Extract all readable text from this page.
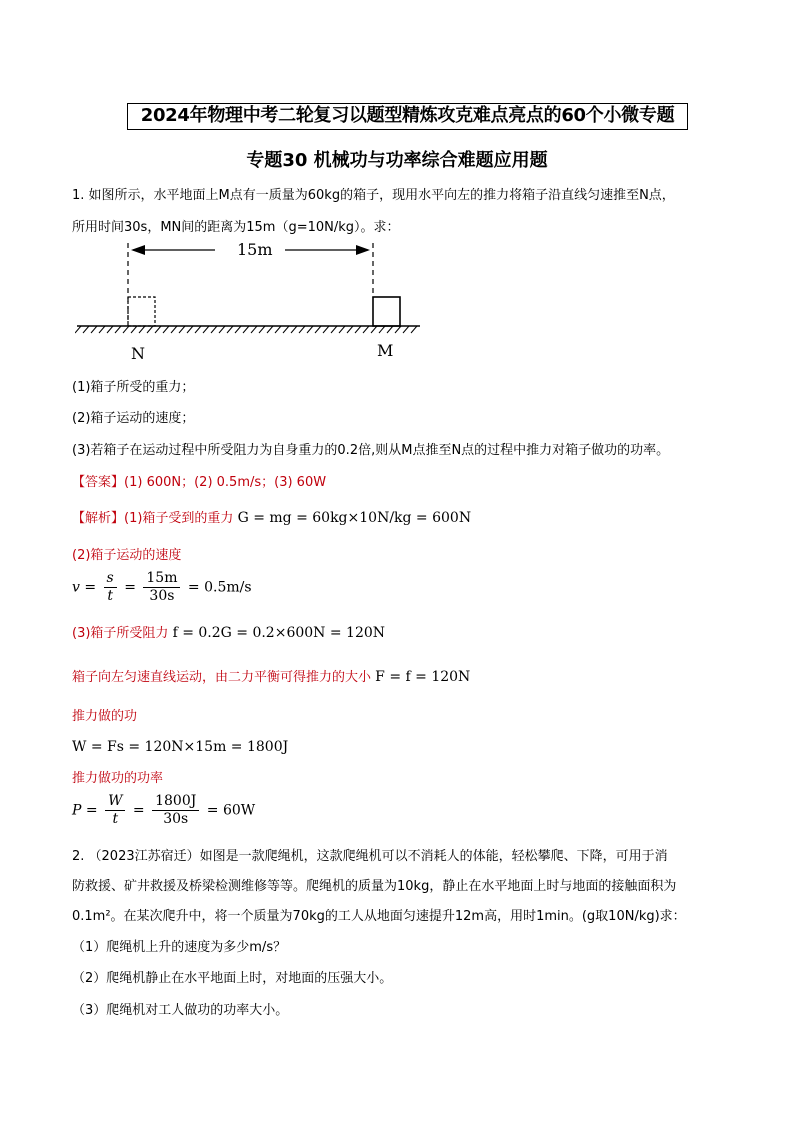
2024年物理中考二轮复习以题型精炼攻克难点亮点的60个小微专题
专题30 机械功与功率综合难题应用题
1. 如图所示，水平地面上M点有一质量为60kg的箱子，现用水平向左的推力将箱子沿直线匀速推至N点，
所用时间30s，MN间的距离为15m（g=10N/kg）。求：
15m
N	M
(1)箱子所受的重力；
(2)箱子运动的速度；
(3)若箱子在运动过程中所受阻力为自身重力的0.2倍,则从M点推至N点的过程中推力对箱子做功的功率。
【答案】(1) 600N；(2) 0.5m/s；(3) 60W
【解析】(1)箱子受到的重力 G = mg = 60kg×10N/kg = 600N
(2)箱子运动的速度
$v = \frac{s}{t} = \frac{15m}{30s} = 0.5m/s$
(3)箱子所受阻力 f = 0.2G = 0.2×600N = 120N
箱子向左匀速直线运动，由二力平衡可得推力的大小 F = f = 120N
推力做的功
W = Fs = 120N×15m = 1800J
推力做功的功率
$P = \frac{W}{t} = \frac{1800J}{30s} = 60W$
2. （2023江苏宿迁）如图是一款爬绳机，这款爬绳机可以不消耗人的体能，轻松攀爬、下降，可用于消
防救援、矿井救援及桥梁检测维修等等。爬绳机的质量为10kg，静止在水平地面上时与地面的接触面积为
0.1m²。在某次爬升中，将一个质量为70kg的工人从地面匀速提升12m高，用时1min。(g取10N/kg)求：
（1）爬绳机上升的速度为多少m/s？
（2）爬绳机静止在水平地面上时，对地面的压强大小。
（3）爬绳机对工人做功的功率大小。
